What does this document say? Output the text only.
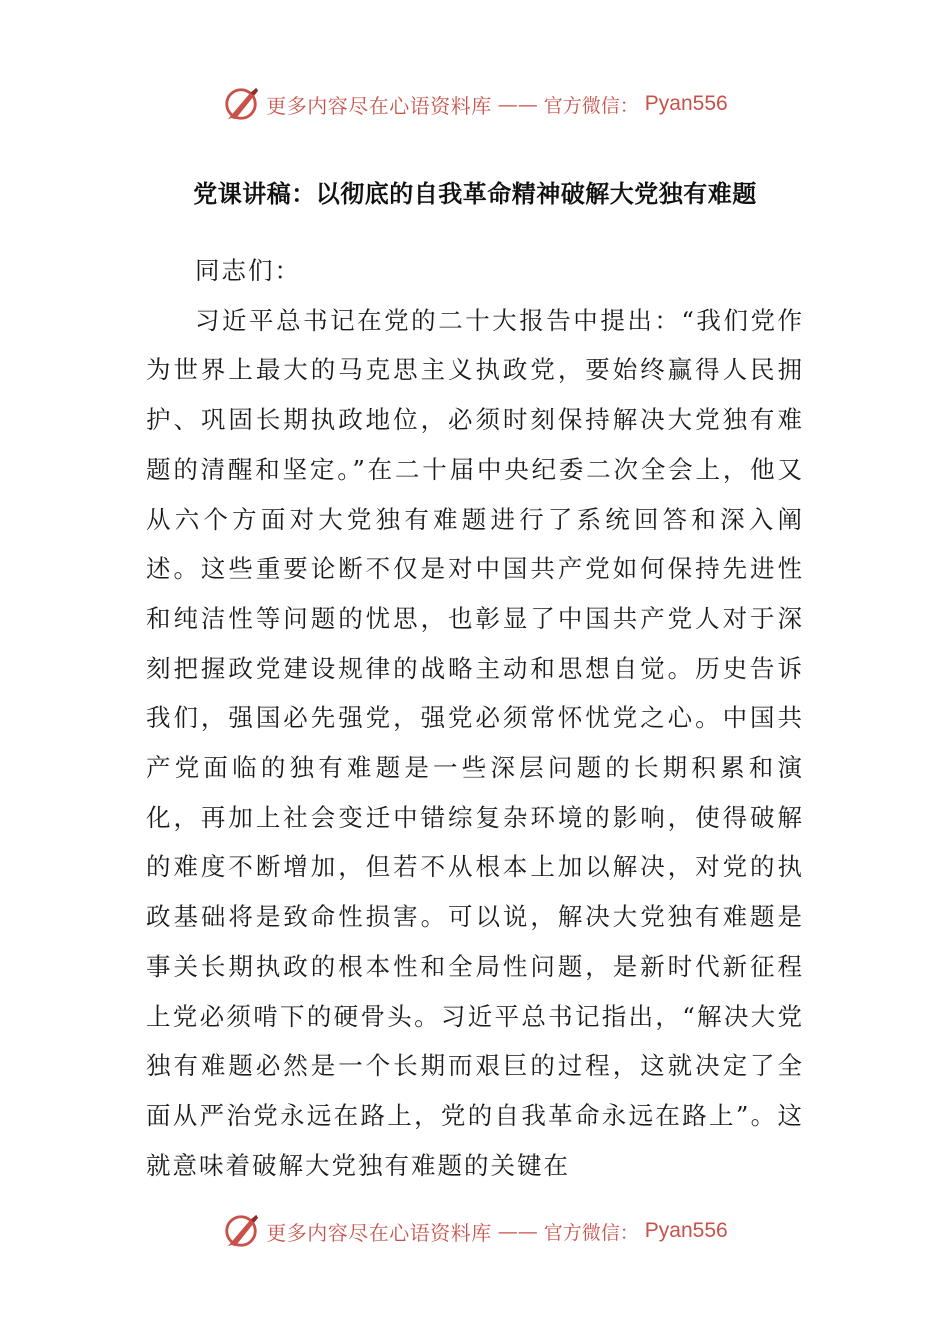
更多内容尽在心语资料库 —— 官方微信： Pyan556
党课讲稿：以彻底的自我革命精神破解大党独有难题

同志们：

习近平总书记在党的二十大报告中提出：“我们党作为世界上最大的马克思主义执政党，要始终赢得人民拥护、巩固长期执政地位，必须时刻保持解决大党独有难题的清醒和坚定。”在二十届中央纪委二次全会上，他又从六个方面对大党独有难题进行了系统回答和深入阐述。这些重要论断不仅是对中国共产党如何保持先进性和纯洁性等问题的忧思，也彰显了中国共产党人对于深刻把握政党建设规律的战略主动和思想自觉。历史告诉我们，强国必先强党，强党必须常怀忧党之心。中国共产党面临的独有难题是一些深层问题的长期积累和演化，再加上社会变迁中错综复杂环境的影响，使得破解的难度不断增加，但若不从根本上加以解决，对党的执政基础将是致命性损害。可以说，解决大党独有难题是事关长期执政的根本性和全局性问题，是新时代新征程上党必须啃下的硬骨头。习近平总书记指出，“解决大党独有难题必然是一个长期而艰巨的过程，这就决定了全面从严治党永远在路上，党的自我革命永远在路上”。这就意味着破解大党独有难题的关键在

更多内容尽在心语资料库 —— 官方微信： Pyan556
